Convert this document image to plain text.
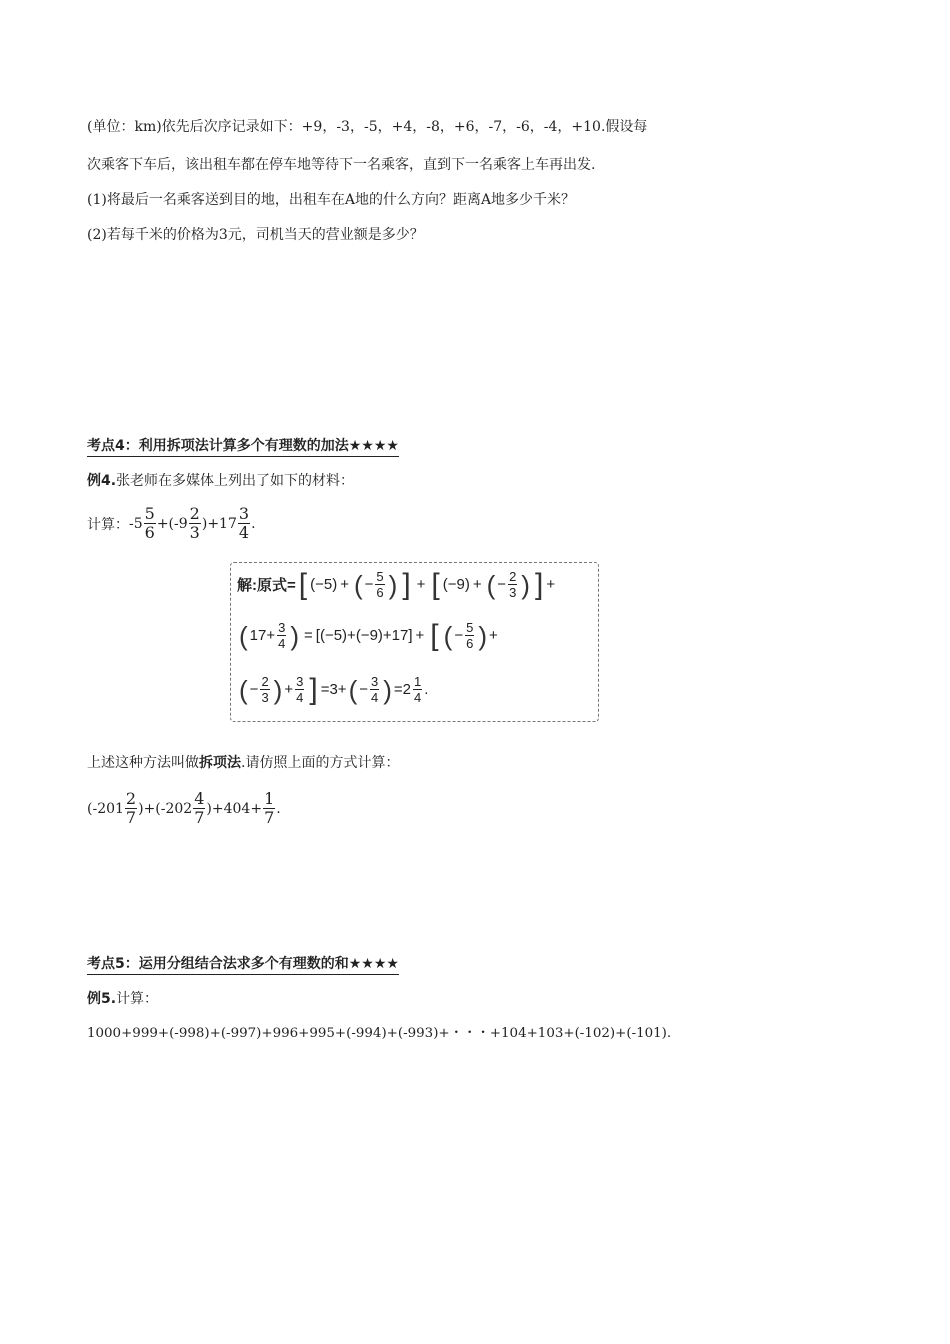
(单位：km)依先后次序记录如下：+9，-3，-5，+4，-8，+6，-7，-6，-4，+10.假设每
次乘客下车后，该出租车都在停车地等待下一名乘客，直到下一名乘客上车再出发.
(1)将最后一名乘客送到目的地，出租车在A地的什么方向？距离A地多少千米？
(2)若每千米的价格为3元，司机当天的营业额是多少？
考点4：利用拆项法计算多个有理数的加法★★★★
例4.张老师在多媒体上列出了如下的材料：
计算： $-5 \frac{5}{6} +(-9 \frac{2}{3} )+17 \frac{3}{4}$ .
解:原式= [ (−5) + ( − $\frac{5}{6}$ ) ] + [ (−9) + ( − $\frac{2}{3}$ ) ] +
( $17+ \frac{3}{4}$ ) = [(−5)+(−9)+17] + [ ( − $\frac{5}{6}$ ) +
( − $\frac{2}{3}$ ) + $\frac{3}{4}$ ] =3+ ( − $\frac{3}{4}$ ) $=2 \frac{1}{4}$ .
上述这种方法叫做拆项法.请仿照上面的方式计算：
$(-201 \frac{2}{7} )+(-202 \frac{4}{7} )+404+ \frac{1}{7}$ .
考点5：运用分组结合法求多个有理数的和★★★★
例5.计算：
1000+999+(-998)+(-997)+996+995+(-994)+(-993)+・・・+104+103+(-102)+(-101).
